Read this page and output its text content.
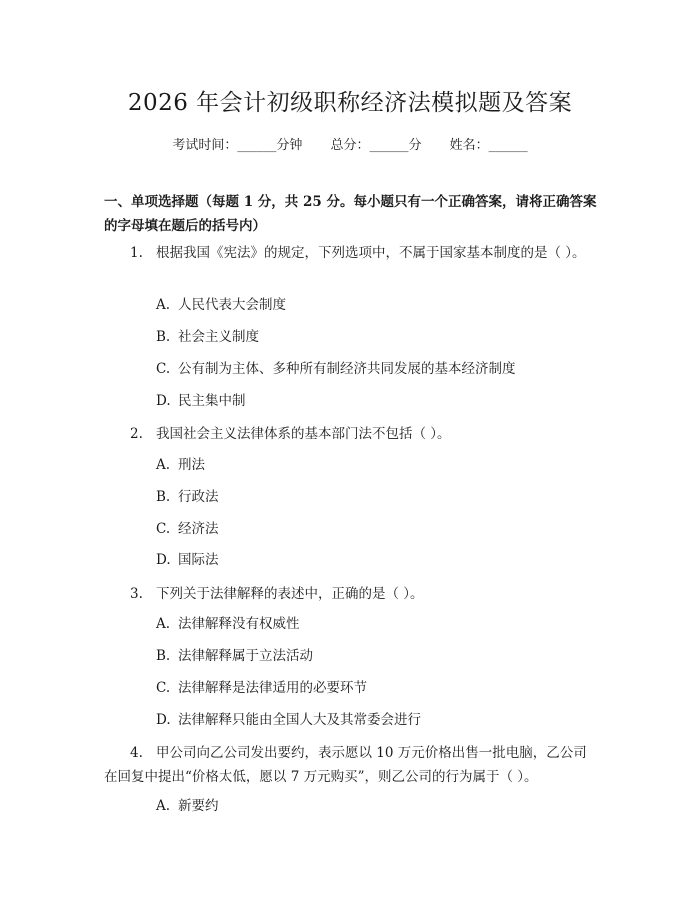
2026 年会计初级职称经济法模拟题及答案
考试时间：______分钟 总分：______分 姓名：______
一、单项选择题（每题 1 分，共 25 分。每小题只有一个正确答案，请将正确答案的字母填在题后的括号内）
1. 根据我国《宪法》的规定，下列选项中，不属于国家基本制度的是（ ）。
A. 人民代表大会制度
B. 社会主义制度
C. 公有制为主体、多种所有制经济共同发展的基本经济制度
D. 民主集中制
2. 我国社会主义法律体系的基本部门法不包括（ ）。
A. 刑法
B. 行政法
C. 经济法
D. 国际法
3. 下列关于法律解释的表述中，正确的是（ ）。
A. 法律解释没有权威性
B. 法律解释属于立法活动
C. 法律解释是法律适用的必要环节
D. 法律解释只能由全国人大及其常委会进行
4. 甲公司向乙公司发出要约，表示愿以 10 万元价格出售一批电脑，乙公司在回复中提出“价格太低，愿以 7 万元购买”，则乙公司的行为属于（ ）。
A. 新要约
